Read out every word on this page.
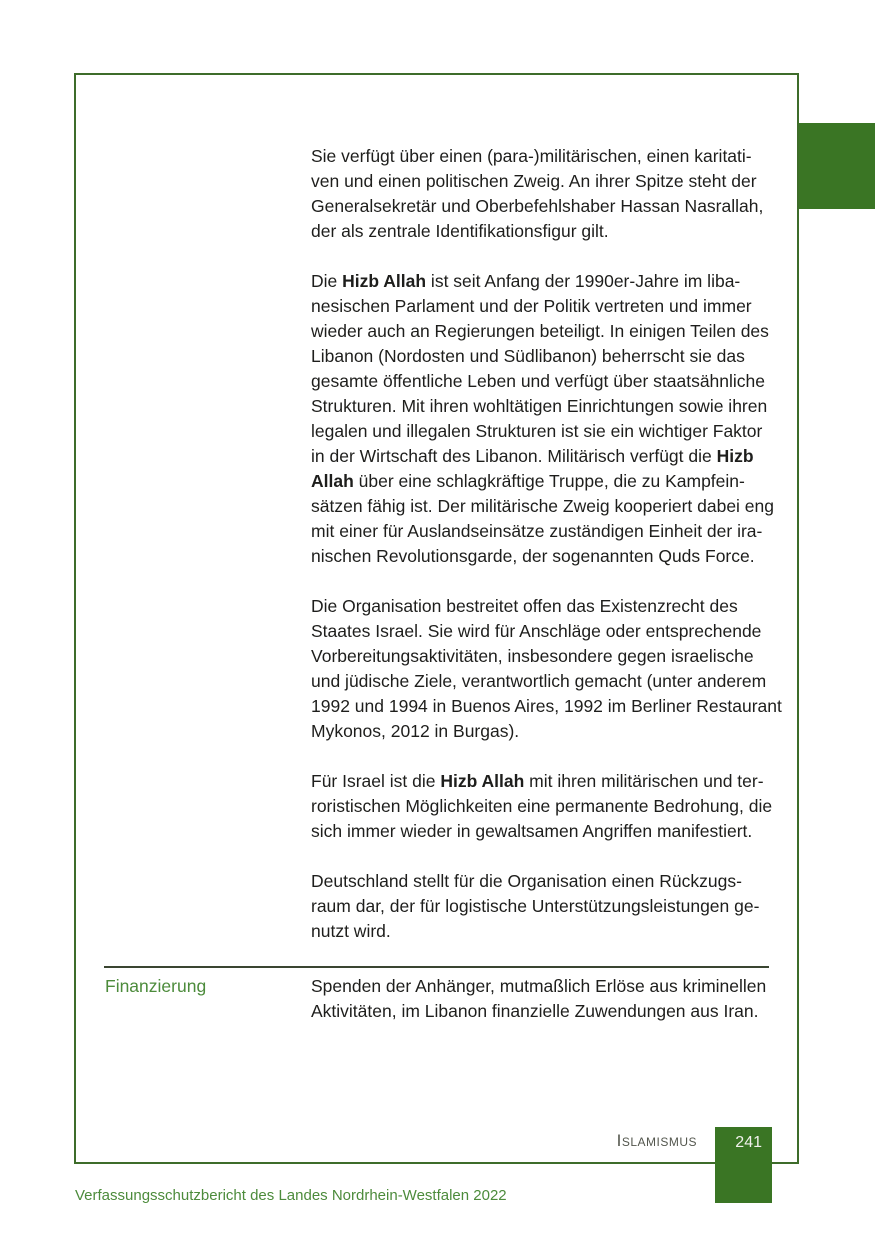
Sie verfügt über einen (para-)militärischen, einen karitati-
ven und einen politischen Zweig. An ihrer Spitze steht der
Generalsekretär und Oberbefehlshaber Hassan Nasrallah,
der als zentrale Identifikationsfigur gilt.
Die Hizb Allah ist seit Anfang der 1990er-Jahre im liba-
nesischen Parlament und der Politik vertreten und immer
wieder auch an Regierungen beteiligt. In einigen Teilen des
Libanon (Nordosten und Südlibanon) beherrscht sie das
gesamte öffentliche Leben und verfügt über staatsähnliche
Strukturen. Mit ihren wohltätigen Einrichtungen sowie ihren
legalen und illegalen Strukturen ist sie ein wichtiger Faktor
in der Wirtschaft des Libanon. Militärisch verfügt die Hizb
Allah über eine schlagkräftige Truppe, die zu Kampfein-
sätzen fähig ist. Der militärische Zweig kooperiert dabei eng
mit einer für Auslandseinsätze zuständigen Einheit der ira-
nischen Revolutionsgarde, der sogenannten Quds Force.
Die Organisation bestreitet offen das Existenzrecht des
Staates Israel. Sie wird für Anschläge oder entsprechende
Vorbereitungsaktivitäten, insbesondere gegen israelische
und jüdische Ziele, verantwortlich gemacht (unter anderem
1992 und 1994 in Buenos Aires, 1992 im Berliner Restaurant
Mykonos, 2012 in Burgas).
Für Israel ist die Hizb Allah mit ihren militärischen und ter-
roristischen Möglichkeiten eine permanente Bedrohung, die
sich immer wieder in gewaltsamen Angriffen manifestiert.
Deutschland stellt für die Organisation einen Rückzugs-
raum dar, der für logistische Unterstützungsleistungen ge-
nutzt wird.
Finanzierung	Spenden der Anhänger, mutmaßlich Erlöse aus kriminellen
Aktivitäten, im Libanon finanzielle Zuwendungen aus Iran.
Islamismus	241
Verfassungsschutzbericht des Landes Nordrhein-Westfalen 2022
